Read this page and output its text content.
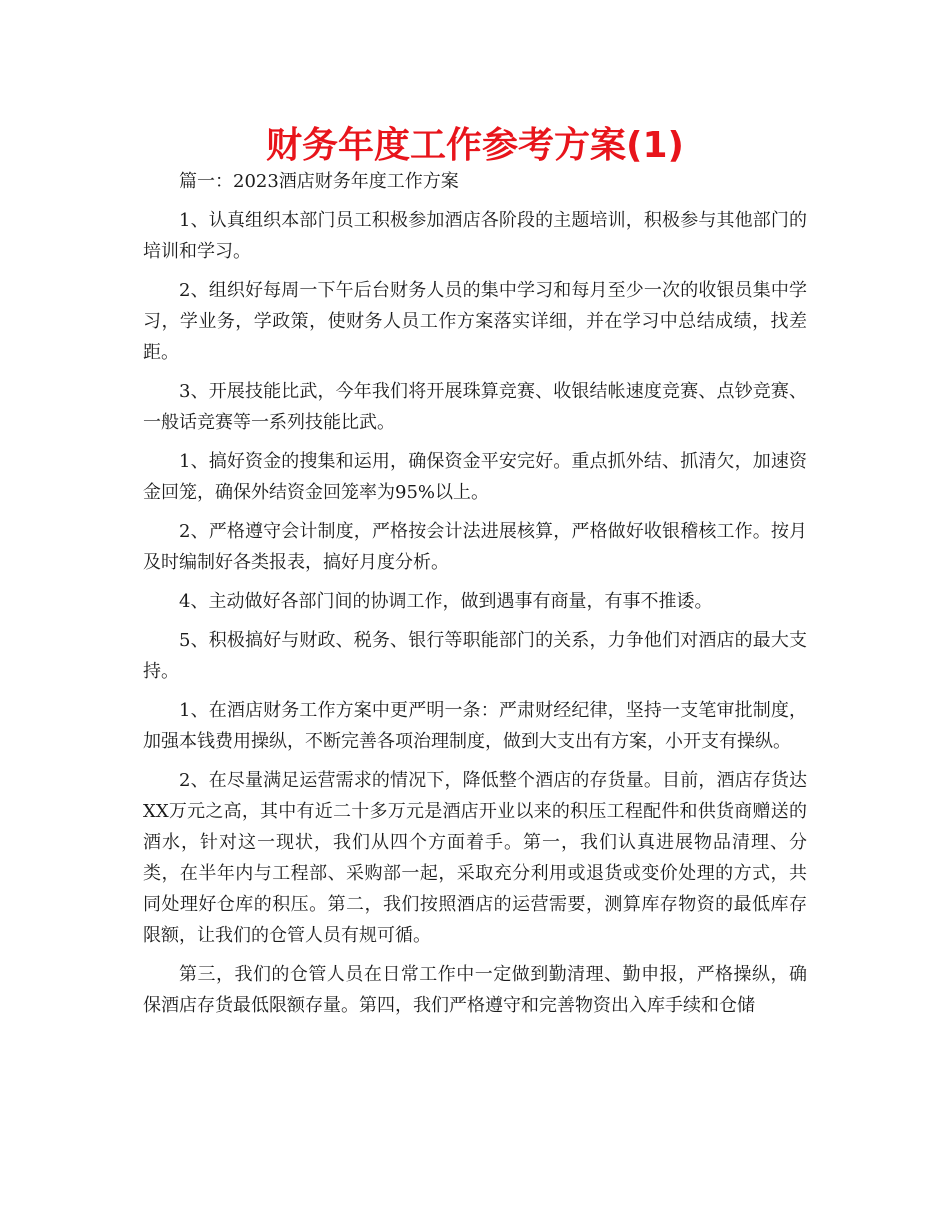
财务年度工作参考方案(1)

篇一：2023酒店财务年度工作方案

1、认真组织本部门员工积极参加酒店各阶段的主题培训，积极参与其他部门的培训和学习。

2、组织好每周一下午后台财务人员的集中学习和每月至少一次的收银员集中学习，学业务，学政策，使财务人员工作方案落实详细，并在学习中总结成绩，找差距。

3、开展技能比武，今年我们将开展珠算竞赛、收银结帐速度竞赛、点钞竞赛、一般话竞赛等一系列技能比武。

1、搞好资金的搜集和运用，确保资金平安完好。重点抓外结、抓清欠，加速资金回笼，确保外结资金回笼率为95%以上。

2、严格遵守会计制度，严格按会计法进展核算，严格做好收银稽核工作。按月及时编制好各类报表，搞好月度分析。

4、主动做好各部门间的协调工作，做到遇事有商量，有事不推诿。

5、积极搞好与财政、税务、银行等职能部门的关系，力争他们对酒店的最大支持。

1、在酒店财务工作方案中更严明一条：严肃财经纪律，坚持一支笔审批制度，加强本钱费用操纵，不断完善各项治理制度，做到大支出有方案，小开支有操纵。

2、在尽量满足运营需求的情况下，降低整个酒店的存货量。目前，酒店存货达XX万元之高，其中有近二十多万元是酒店开业以来的积压工程配件和供货商赠送的酒水，针对这一现状，我们从四个方面着手。第一，我们认真进展物品清理、分类，在半年内与工程部、采购部一起，采取充分利用或退货或变价处理的方式，共同处理好仓库的积压。第二，我们按照酒店的运营需要，测算库存物资的最低库存限额，让我们的仓管人员有规可循。

第三，我们的仓管人员在日常工作中一定做到勤清理、勤申报，严格操纵，确保酒店存货最低限额存量。第四，我们严格遵守和完善物资出入库手续和仓储
